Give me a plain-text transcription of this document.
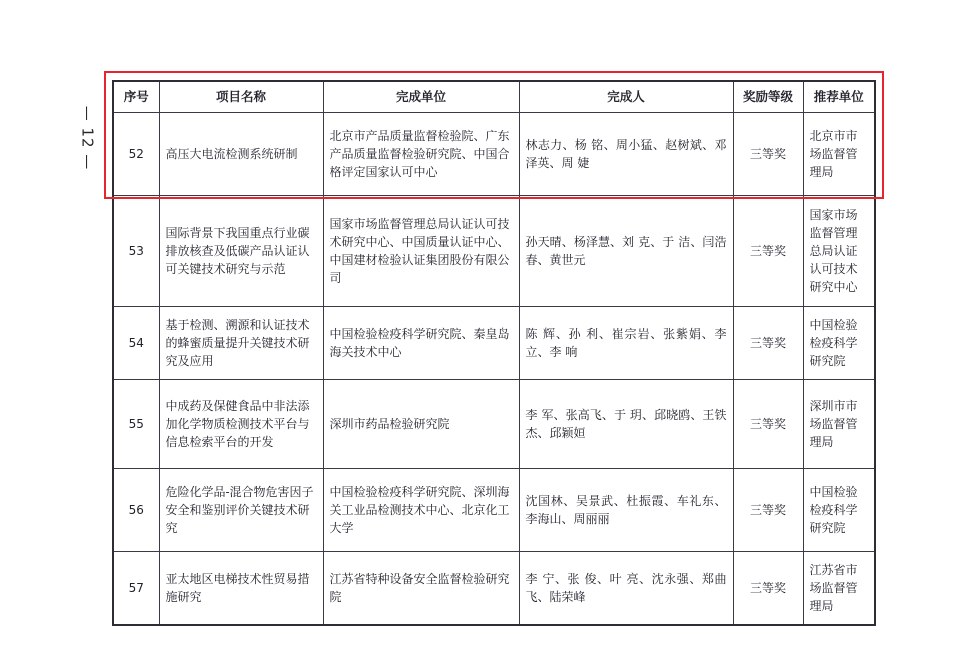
— 12 —
序号	项目名称	完成单位	完成人	奖励等级	推荐单位
52	高压大电流检测系统研制	北京市产品质量监督检验院、广东产品质量监督检验研究院、中国合格评定国家认可中心	林志力、杨 铭、周小猛、赵树斌、邓泽英、周 婕	三等奖	北京市市场监督管理局
53	国际背景下我国重点行业碳排放核查及低碳产品认证认可关键技术研究与示范	国家市场监督管理总局认证认可技术研究中心、中国质量认证中心、中国建材检验认证集团股份有限公司	孙天晴、杨泽慧、刘 克、于 洁、闫浩春、黄世元	三等奖	国家市场监督管理总局认证认可技术研究中心
54	基于检测、溯源和认证技术的蜂蜜质量提升关键技术研究及应用	中国检验检疫科学研究院、秦皇岛海关技术中心	陈 辉、孙 利、崔宗岩、张紫娟、李 立、李 响	三等奖	中国检验检疫科学研究院
55	中成药及保健食品中非法添加化学物质检测技术平台与信息检索平台的开发	深圳市药品检验研究院	李 军、张高飞、于 玥、邱晓鸥、王铁杰、邱颖姮	三等奖	深圳市市场监督管理局
56	危险化学品-混合物危害因子安全和鉴别评价关键技术研究	中国检验检疫科学研究院、深圳海关工业品检测技术中心、北京化工大学	沈国林、吴景武、杜振霞、车礼东、李海山、周丽丽	三等奖	中国检验检疫科学研究院
57	亚太地区电梯技术性贸易措施研究	江苏省特种设备安全监督检验研究院	李 宁、张 俊、叶 亮、沈永强、郑曲飞、陆荣峰	三等奖	江苏省市场监督管理局
